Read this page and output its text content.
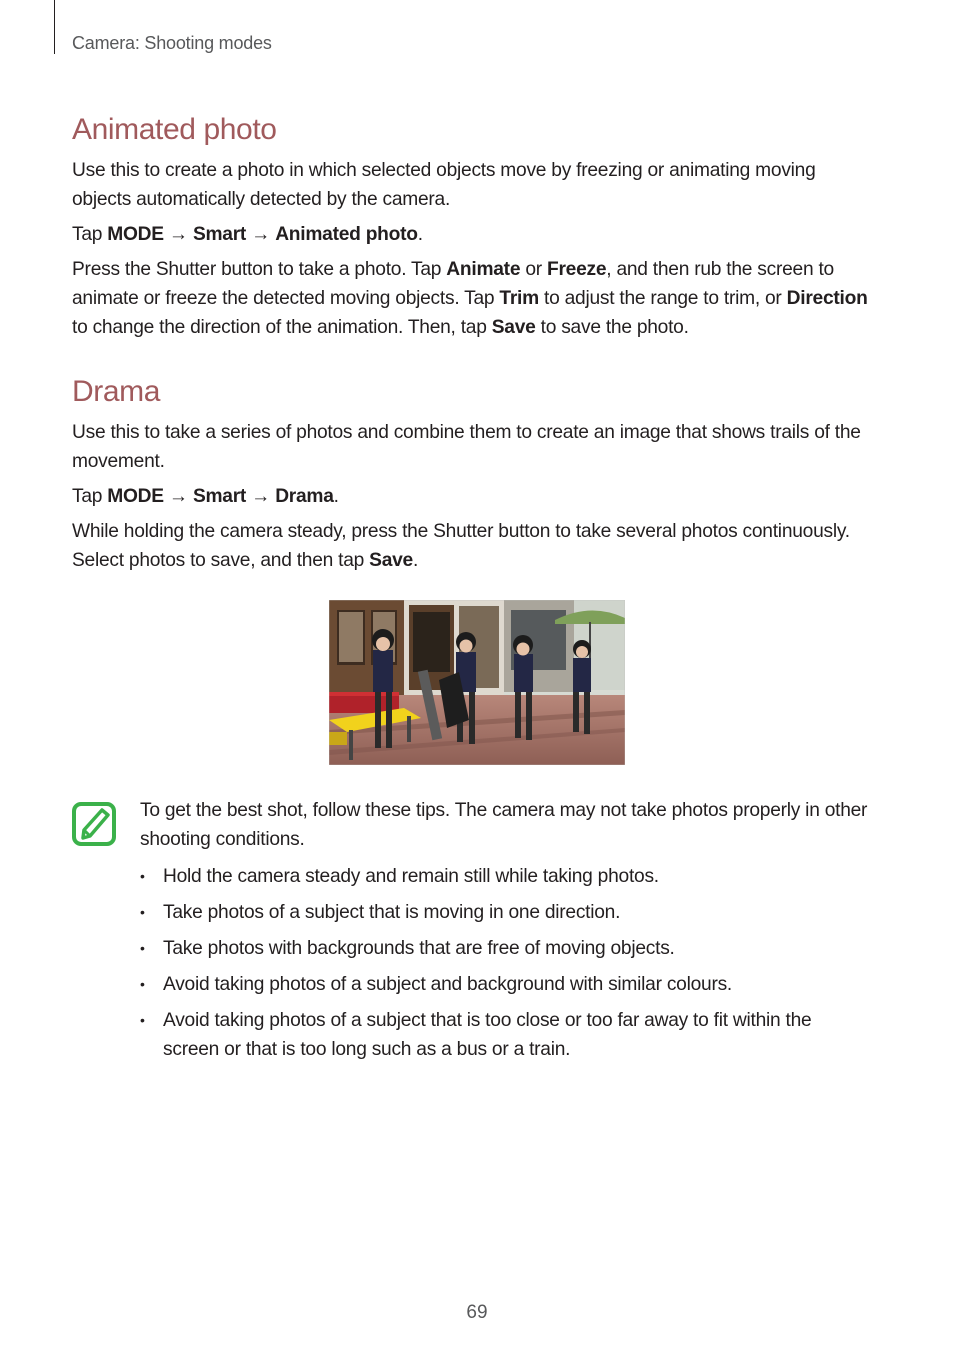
Camera: Shooting modes
Animated photo

Use this to create a photo in which selected objects move by freezing or animating moving objects automatically detected by the camera.

Tap MODE → Smart → Animated photo.

Press the Shutter button to take a photo. Tap Animate or Freeze, and then rub the screen to animate or freeze the detected moving objects. Tap Trim to adjust the range to trim, or Direction to change the direction of the animation. Then, tap Save to save the photo.

Drama

Use this to take a series of photos and combine them to create an image that shows trails of the movement.

Tap MODE → Smart → Drama.

While holding the camera steady, press the Shutter button to take several photos continuously. Select photos to save, and then tap Save.

To get the best shot, follow these tips. The camera may not take photos properly in other shooting conditions.

• Hold the camera steady and remain still while taking photos.
• Take photos of a subject that is moving in one direction.
• Take photos with backgrounds that are free of moving objects.
• Avoid taking photos of a subject and background with similar colours.
• Avoid taking photos of a subject that is too close or too far away to fit within the screen or that is too long such as a bus or a train.
69
